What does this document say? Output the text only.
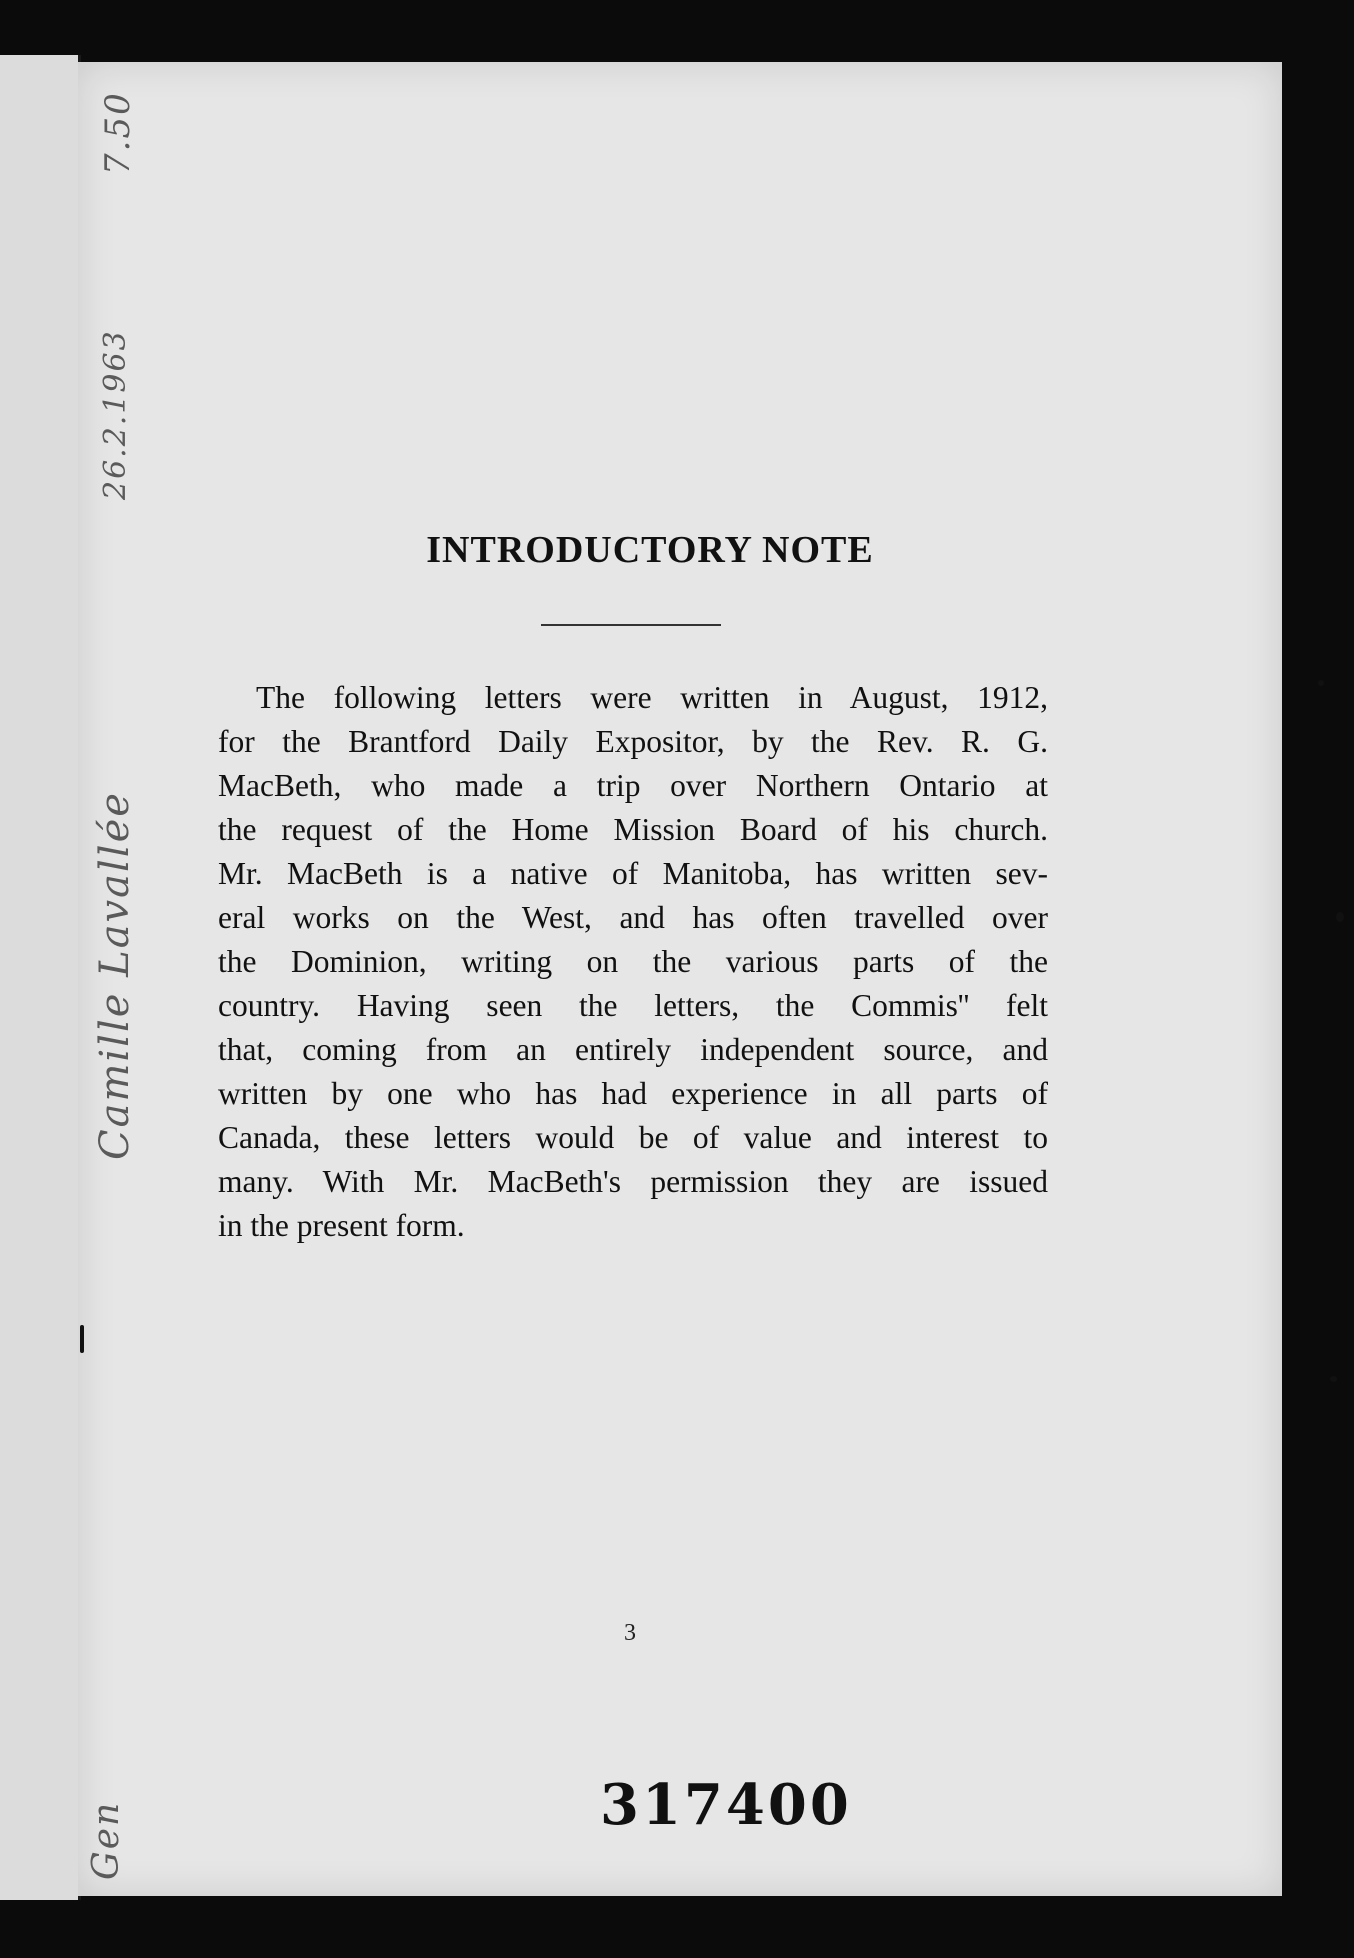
7.50
26.2.1963
Camille Lavallée
Gen
INTRODUCTORY NOTE
The following letters were written in August, 1912,
for the Brantford Daily Expositor, by the Rev. R. G.
MacBeth, who made a trip over Northern Ontario at
the request of the Home Mission Board of his church.
Mr. MacBeth is a native of Manitoba, has written sev-
eral works on the West, and has often travelled over
the Dominion, writing on the various parts of the
country. Having seen the letters, the Commis'' felt
that, coming from an entirely independent source, and
written by one who has had experience in all parts of
Canada, these letters would be of value and interest to
many. With Mr. MacBeth's permission they are issued
in the present form.
3
317400
